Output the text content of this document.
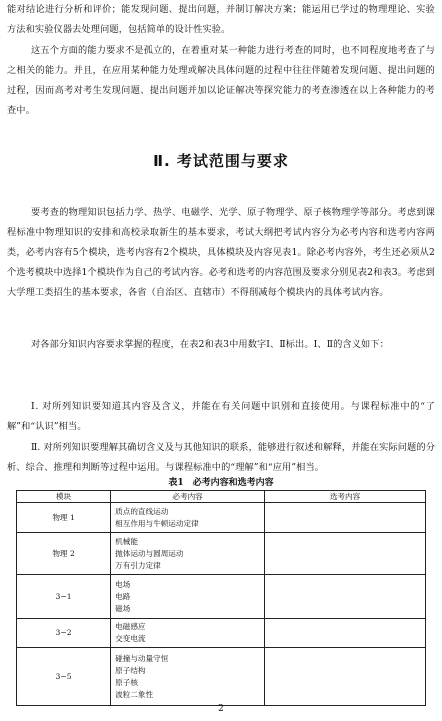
能对结论进行分析和评价；能发现问题、提出问题，并制订解决方案；能运用已学过的物理理论、实验方法和实验仪器去处理问题，包括简单的设计性实验。

这五个方面的能力要求不是孤立的，在着重对某一种能力进行考查的同时，也不同程度地考查了与之相关的能力。并且，在应用某种能力处理或解决具体问题的过程中往往伴随着发现问题、提出问题的过程，因而高考对考生发现问题、提出问题并加以论证解决等探究能力的考查渗透在以上各种能力的考查中。

Ⅱ. 考试范围与要求

要考查的物理知识包括力学、热学、电磁学、光学、原子物理学、原子核物理学等部分。考虑到课程标准中物理知识的安排和高校录取新生的基本要求，考试大纲把考试内容分为必考内容和选考内容两类，必考内容有5个模块，选考内容有2个模块，具体模块及内容见表1。除必考内容外，考生还必须从2个选考模块中选择1个模块作为自己的考试内容。必考和选考的内容范围及要求分别见表2和表3。考虑到大学理工类招生的基本要求，各省（自治区、直辖市）不得削减每个模块内的具体考试内容。

对各部分知识内容要求掌握的程度，在表2和表3中用数字Ⅰ、Ⅱ标出。Ⅰ、Ⅱ的含义如下：

Ⅰ. 对所列知识要知道其内容及含义，并能在有关问题中识别和直接使用。与课程标准中的“了解”和“认识”相当。

Ⅱ. 对所列知识要理解其确切含义及与其他知识的联系，能够进行叙述和解释，并能在实际问题的分析、综合、推理和判断等过程中运用。与课程标准中的“理解”和“应用”相当。

表1　必考内容和选考内容

模块	必考内容	选考内容
物理 1	质点的直线运动
相互作用与牛顿运动定律	

物理 2	机械能
抛体运动与圆周运动
万有引力定律	

3−1	电场
电路
磁场	

3−2	电磁感应
交变电流	

3−5	碰撞与动量守恒
原子结构
原子核
波粒二象性	

2
